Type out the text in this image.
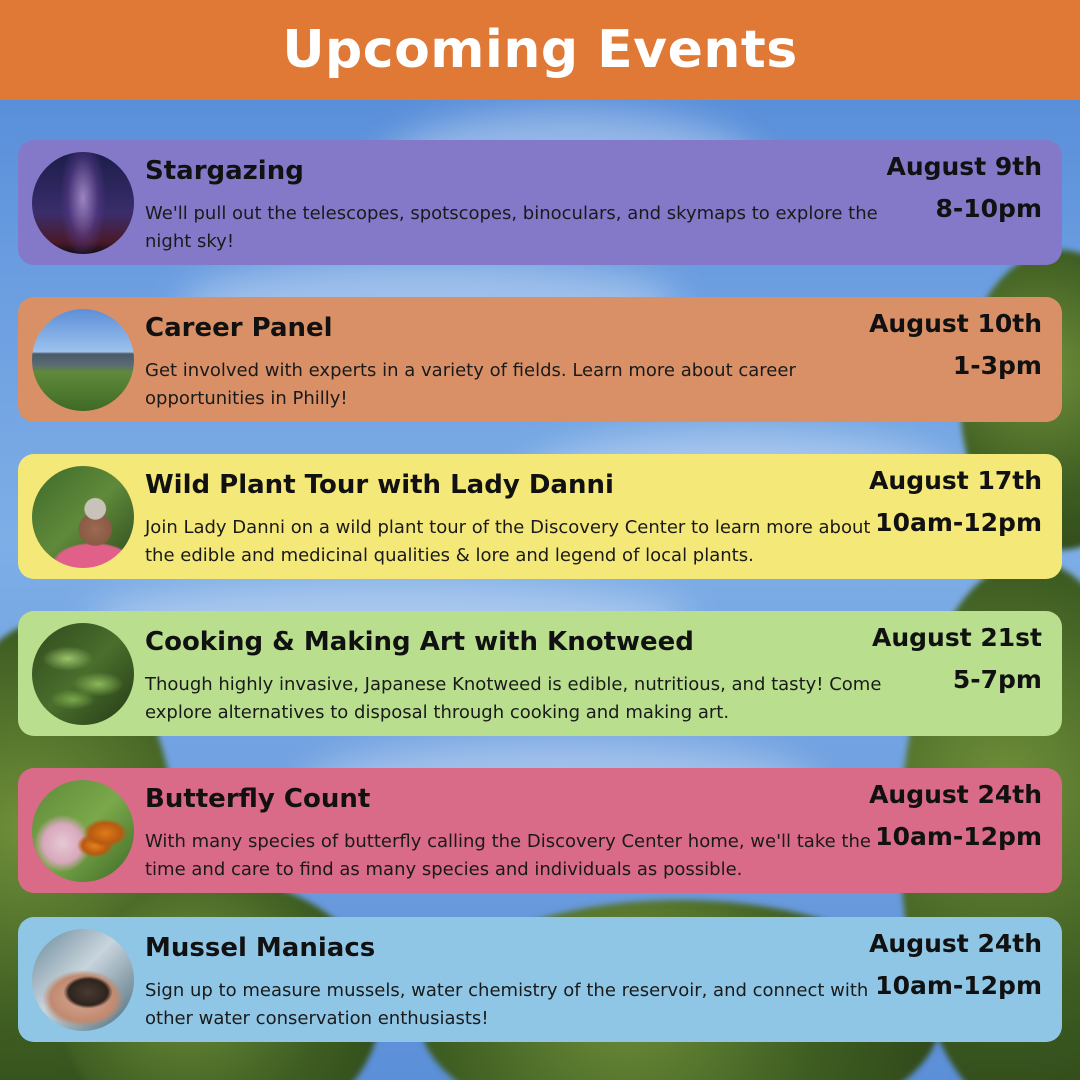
Upcoming Events
Stargazing
We'll pull out the telescopes, spotscopes, binoculars, and skymaps to explore the night sky!
August 9th
8-10pm
Career Panel
Get involved with experts in a variety of fields. Learn more about career opportunities in Philly!
August 10th
1-3pm
Wild Plant Tour with Lady Danni
Join Lady Danni on a wild plant tour of the Discovery Center to learn more about the edible and medicinal qualities & lore and legend of local plants.
August 17th
10am-12pm
Cooking & Making Art with Knotweed
Though highly invasive, Japanese Knotweed is edible, nutritious, and tasty! Come explore alternatives to disposal through cooking and making art.
August 21st
5-7pm
Butterfly Count
With many species of butterfly calling the Discovery Center home, we'll take the time and care to find as many species and individuals as possible.
August 24th
10am-12pm
Mussel Maniacs
Sign up to measure mussels, water chemistry of the reservoir, and connect with other water conservation enthusiasts!
August 24th
10am-12pm
